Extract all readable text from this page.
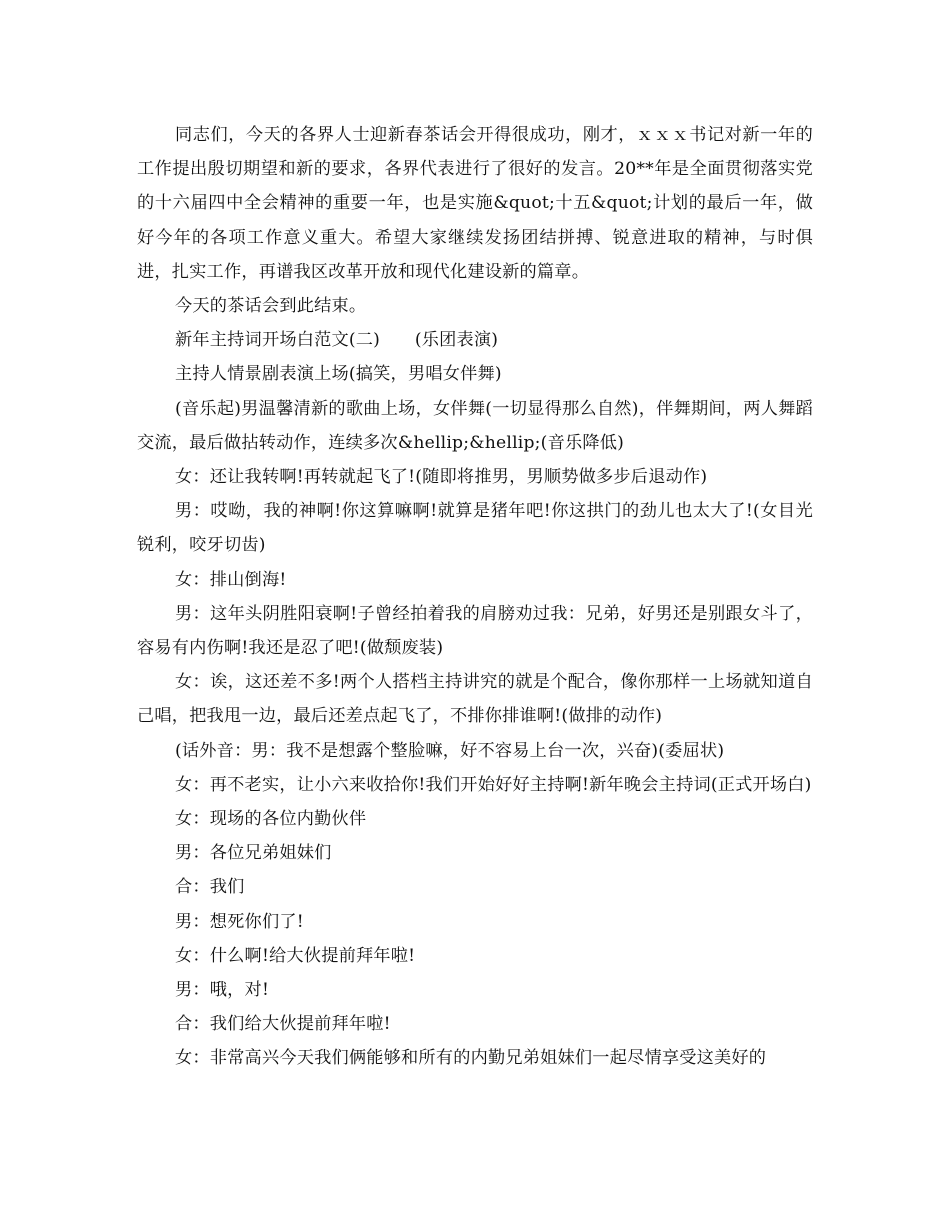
同志们，今天的各界人士迎新春茶话会开得很成功，刚才，ｘｘｘ书记对新一年的工作提出殷切期望和新的要求，各界代表进行了很好的发言。20**年是全面贯彻落实党的十六届四中全会精神的重要一年，也是实施&quot;十五&quot;计划的最后一年，做好今年的各项工作意义重大。希望大家继续发扬团结拼搏、锐意进取的精神，与时俱进，扎实工作，再谱我区改革开放和现代化建设新的篇章。

今天的茶话会到此结束。

新年主持词开场白范文(二)　　(乐团表演)

主持人情景剧表演上场(搞笑，男唱女伴舞)

(音乐起)男温馨清新的歌曲上场，女伴舞(一切显得那么自然)，伴舞期间，两人舞蹈交流，最后做拈转动作，连续多次&hellip;&hellip;(音乐降低)

女：还让我转啊!再转就起飞了!(随即将推男，男顺势做多步后退动作)

男：哎呦，我的神啊!你这算嘛啊!就算是猪年吧!你这拱门的劲儿也太大了!(女目光锐利，咬牙切齿)

女：排山倒海!

男：这年头阴胜阳衰啊!子曾经拍着我的肩膀劝过我：兄弟，好男还是别跟女斗了，容易有内伤啊!我还是忍了吧!(做颓废装)

女：诶，这还差不多!两个人搭档主持讲究的就是个配合，像你那样一上场就知道自己唱，把我甩一边，最后还差点起飞了，不排你排谁啊!(做排的动作)

(话外音：男：我不是想露个整脸嘛，好不容易上台一次，兴奋)(委屈状)

女：再不老实，让小六来收拾你!我们开始好好主持啊!新年晚会主持词(正式开场白)

女：现场的各位内勤伙伴

男：各位兄弟姐妹们

合：我们

男：想死你们了!

女：什么啊!给大伙提前拜年啦!

男：哦，对!

合：我们给大伙提前拜年啦!

女：非常高兴今天我们俩能够和所有的内勤兄弟姐妹们一起尽情享受这美好的
